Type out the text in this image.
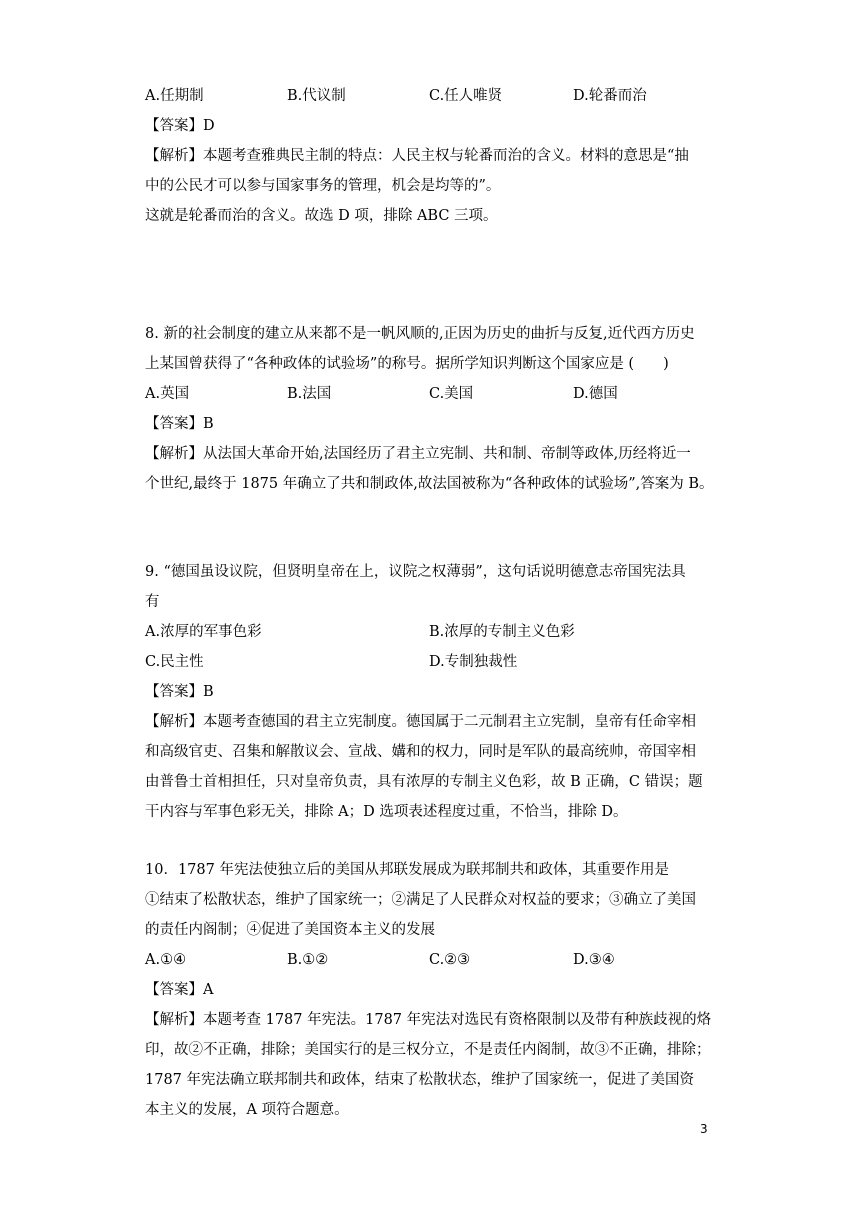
A.任期制	B.代议制	C.任人唯贤	D.轮番而治
【答案】D
【解析】本题考查雅典民主制的特点：人民主权与轮番而治的含义。材料的意思是“抽
中的公民才可以参与国家事务的管理，机会是均等的”。
这就是轮番而治的含义。故选 D 项，排除 ABC 三项。
8. 新的社会制度的建立从来都不是一帆风顺的,正因为历史的曲折与反复,近代西方历史
上某国曾获得了“各种政体的试验场”的称号。据所学知识判断这个国家应是 (　　)
A.英国	B.法国	C.美国	D.德国
【答案】B
【解析】从法国大革命开始,法国经历了君主立宪制、共和制、帝制等政体,历经将近一
个世纪,最终于 1875 年确立了共和制政体,故法国被称为“各种政体的试验场”,答案为 B。
9. “德国虽设议院，但贤明皇帝在上，议院之权薄弱”，这句话说明德意志帝国宪法具
有
A.浓厚的军事色彩	B.浓厚的专制主义色彩
C.民主性	D.专制独裁性
【答案】B
【解析】本题考查德国的君主立宪制度。德国属于二元制君主立宪制，皇帝有任命宰相
和高级官吏、召集和解散议会、宣战、媾和的权力，同时是军队的最高统帅，帝国宰相
由普鲁士首相担任，只对皇帝负责，具有浓厚的专制主义色彩，故 B 正确，C 错误；题
干内容与军事色彩无关，排除 A；D 选项表述程度过重，不恰当，排除 D。
10．1787 年宪法使独立后的美国从邦联发展成为联邦制共和政体，其重要作用是
①结束了松散状态，维护了国家统一；②满足了人民群众对权益的要求；③确立了美国
的责任内阁制；④促进了美国资本主义的发展
A.①④	B.①②	C.②③	D.③④
【答案】A
【解析】本题考查 1787 年宪法。1787 年宪法对选民有资格限制以及带有种族歧视的烙
印，故②不正确，排除；美国实行的是三权分立，不是责任内阁制，故③不正确，排除；
1787 年宪法确立联邦制共和政体，结束了松散状态，维护了国家统一，促进了美国资
本主义的发展，A 项符合题意。
3
